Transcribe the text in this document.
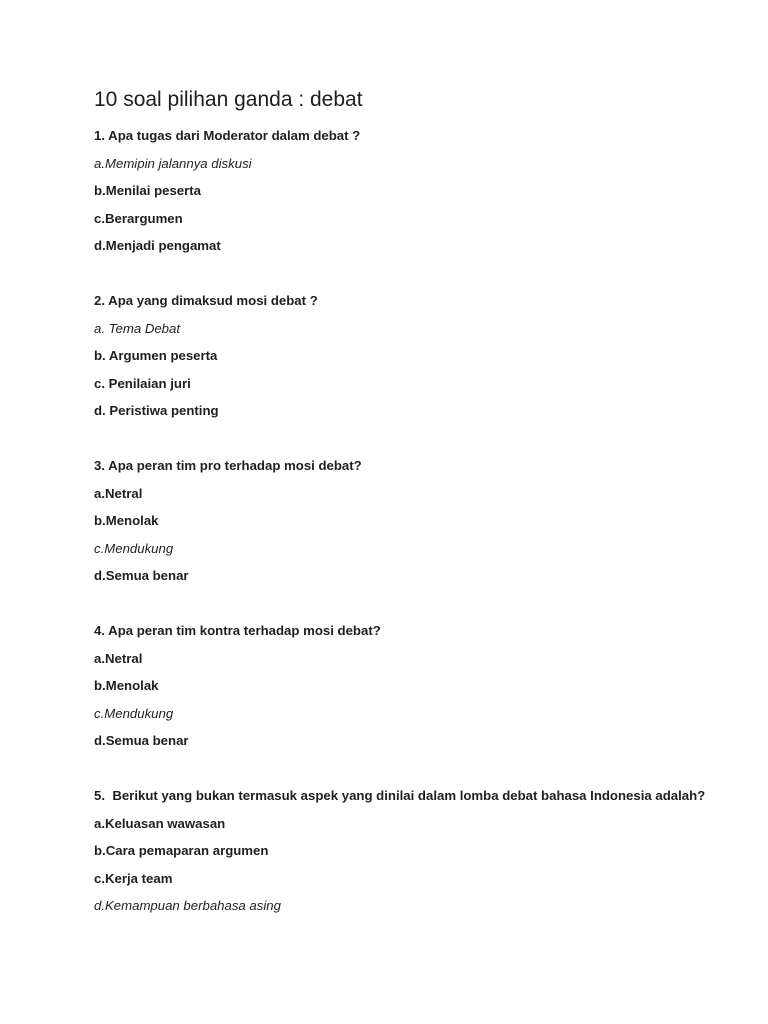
10 soal pilihan ganda : debat

1. Apa tugas dari Moderator dalam debat ?

a.Memipin jalannya diskusi

b.Menilai peserta

c.Berargumen

d.Menjadi pengamat

2. Apa yang dimaksud mosi debat ?

a. Tema Debat

b. Argumen peserta

c. Penilaian juri

d. Peristiwa penting

3. Apa peran tim pro terhadap mosi debat?

a.Netral

b.Menolak

c.Mendukung

d.Semua benar

4. Apa peran tim kontra terhadap mosi debat?

a.Netral

b.Menolak

c.Mendukung

d.Semua benar

5.  Berikut yang bukan termasuk aspek yang dinilai dalam lomba debat bahasa Indonesia adalah?

a.Keluasan wawasan

b.Cara pemaparan argumen

c.Kerja team

d.Kemampuan berbahasa asing
